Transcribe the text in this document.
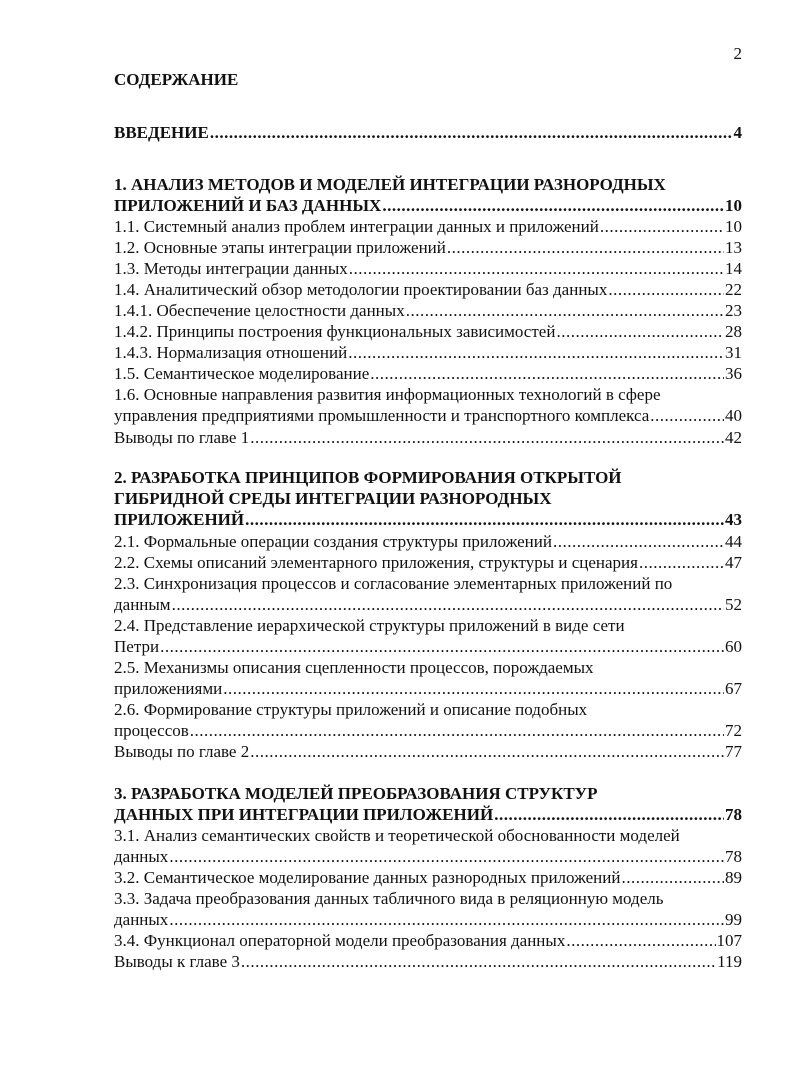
2
СОДЕРЖАНИЕ
ВВЕДЕНИЕ .....	4
1. АНАЛИЗ МЕТОДОВ И МОДЕЛЕЙ ИНТЕГРАЦИИ РАЗНОРОДНЫХ
ПРИЛОЖЕНИЙ И БАЗ ДАННЫХ .....	10
1.1. Системный анализ проблем интеграции данных и приложений .....	10
1.2. Основные этапы интеграции приложений .....	13
1.3. Методы интеграции данных .....	14
1.4. Аналитический обзор методологии проектировании баз данных .....	22
1.4.1. Обеспечение целостности данных .....	23
1.4.2. Принципы построения функциональных зависимостей .....	28
1.4.3. Нормализация отношений .....	31
1.5. Семантическое моделирование .....	36
1.6. Основные направления развития информационных технологий в сфере
управления предприятиями промышленности и транспортного комплекса .....	40
Выводы по главе 1 .....	42
2. РАЗРАБОТКА ПРИНЦИПОВ ФОРМИРОВАНИЯ ОТКРЫТОЙ
ГИБРИДНОЙ СРЕДЫ ИНТЕГРАЦИИ РАЗНОРОДНЫХ
ПРИЛОЖЕНИЙ .....	43
2.1. Формальные операции создания структуры приложений .....	44
2.2. Схемы описаний элементарного приложения, структуры и сценария .....	47
2.3. Синхронизация процессов и согласование элементарных приложений по
данным .....	52
2.4. Представление иерархической структуры приложений в виде сети
Петри .....	60
2.5. Механизмы описания сцепленности процессов, порождаемых
приложениями .....	67
2.6. Формирование структуры приложений и описание подобных
процессов .....	72
Выводы по главе 2 .....	77
3. РАЗРАБОТКА МОДЕЛЕЙ ПРЕОБРАЗОВАНИЯ СТРУКТУР
ДАННЫХ ПРИ ИНТЕГРАЦИИ ПРИЛОЖЕНИЙ .....	78
3.1. Анализ семантических свойств и теоретической обоснованности моделей
данных .....	78
3.2. Семантическое моделирование данных разнородных приложений .....	89
3.3. Задача преобразования данных табличного вида в реляционную модель
данных .....	99
3.4. Функционал операторной модели преобразования данных .....	107
Выводы к главе 3 .....	119
